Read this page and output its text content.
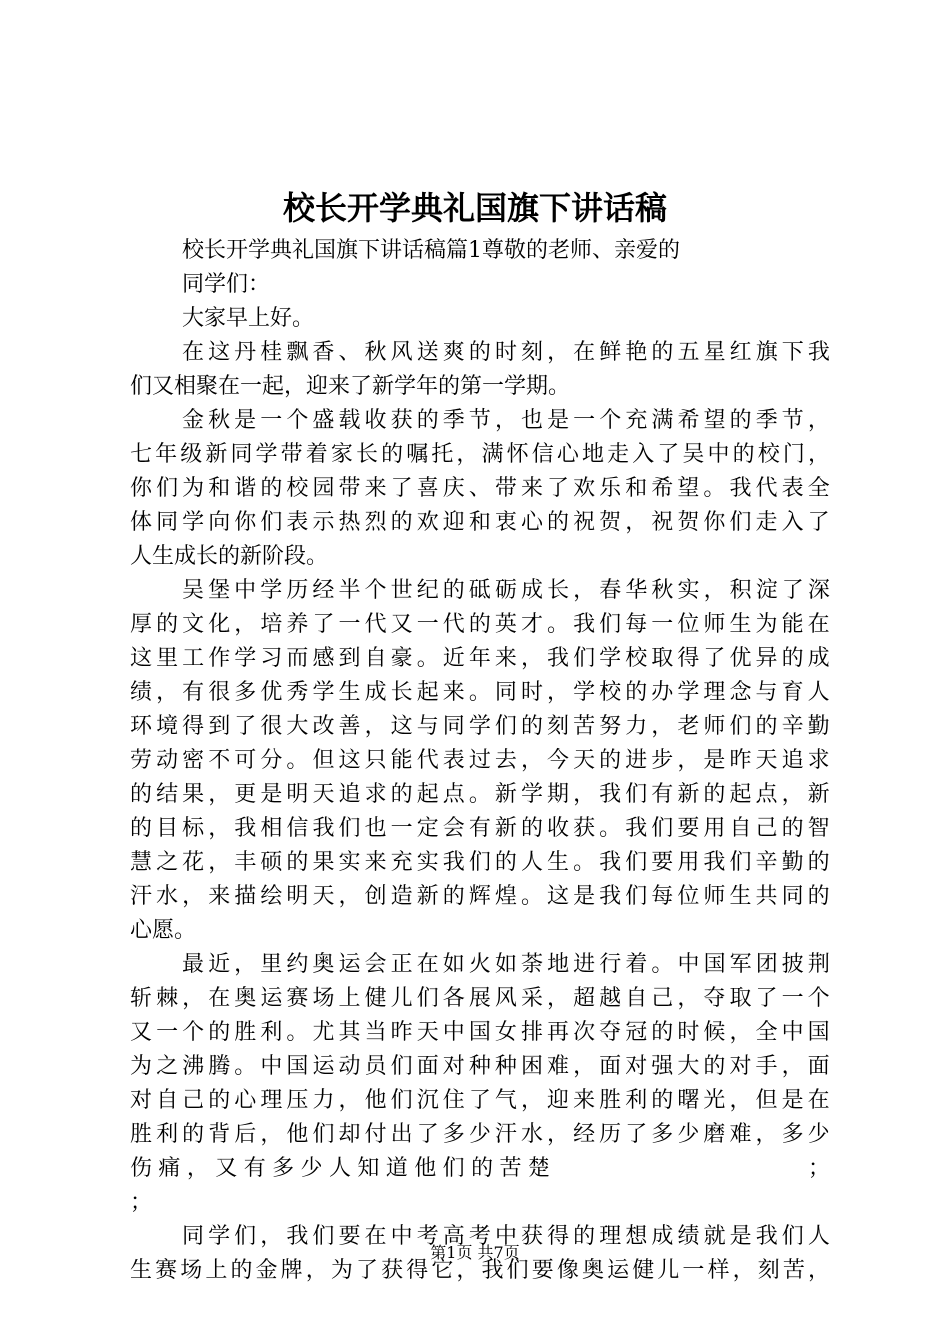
校长开学典礼国旗下讲话稿
校长开学典礼国旗下讲话稿篇1尊敬的老师、亲爱的
同学们：
大家早上好。
在 这 丹 桂 飘 香 、 秋 风 送 爽 的 时 刻 ， 在 鲜 艳 的 五 星 红 旗 下 我
们又相聚在一起，迎来了新学年的第一学期。
金 秋 是 一 个 盛 载 收 获 的 季 节 ， 也 是 一 个 充 满 希 望 的 季 节 ，
七 年 级 新 同 学 带 着 家 长 的 嘱 托 ， 满 怀 信 心 地 走 入 了 吴 中 的 校 门 ，
你 们 为 和 谐 的 校 园 带 来 了 喜 庆 、 带 来 了 欢 乐 和 希 望 。 我 代 表 全
体 同 学 向 你 们 表 示 热 烈 的 欢 迎 和 衷 心 的 祝 贺 ， 祝 贺 你 们 走 入 了
人生成长的新阶段。
吴 堡 中 学 历 经 半 个 世 纪 的 砥 砺 成 长 ， 春 华 秋 实 ， 积 淀 了 深
厚 的 文 化 ， 培 养 了 一 代 又 一 代 的 英 才 。 我 们 每 一 位 师 生 为 能 在
这 里 工 作 学 习 而 感 到 自 豪 。 近 年 来 ， 我 们 学 校 取 得 了 优 异 的 成
绩 ， 有 很 多 优 秀 学 生 成 长 起 来 。 同 时 ， 学 校 的 办 学 理 念 与 育 人
环 境 得 到 了 很 大 改 善 ， 这 与 同 学 们 的 刻 苦 努 力 ， 老 师 们 的 辛 勤
劳 动 密 不 可 分 。 但 这 只 能 代 表 过 去 ， 今 天 的 进 步 ， 是 昨 天 追 求
的 结 果 ， 更 是 明 天 追 求 的 起 点 。 新 学 期 ， 我 们 有 新 的 起 点 ， 新
的 目 标 ， 我 相 信 我 们 也 一 定 会 有 新 的 收 获 。 我 们 要 用 自 己 的 智
慧 之 花 ， 丰 硕 的 果 实 来 充 实 我 们 的 人 生 。 我 们 要 用 我 们 辛 勤 的
汗 水 ， 来 描 绘 明 天 ， 创 造 新 的 辉 煌 。 这 是 我 们 每 位 师 生 共 同 的
心愿。
最 近 ， 里 约 奥 运 会 正 在 如 火 如 荼 地 进 行 着 。 中 国 军 团 披 荆
斩 棘 ， 在 奥 运 赛 场 上 健 儿 们 各 展 风 采 ， 超 越 自 己 ， 夺 取 了 一 个
又 一 个 的 胜 利 。 尤 其 当 昨 天 中 国 女 排 再 次 夺 冠 的 时 候 ， 全 中 国
为 之 沸 腾 。 中 国 运 动 员 们 面 对 种 种 困 难 ， 面 对 强 大 的 对 手 ， 面
对 自 己 的 心 理 压 力 ， 他 们 沉 住 了 气 ， 迎 来 胜 利 的 曙 光 ， 但 是 在
胜 利 的 背 后 ， 他 们 却 付 出 了 多 少 汗 水 ， 经 历 了 多 少 磨 难 ， 多 少
伤 痛 ， 又 有 多 少 人 知 道 他 们 的 苦 楚	；
；
同 学 们 ， 我 们 要 在 中 考 高 考 中 获 得 的 理 想 成 绩 就 是 我 们 人
生 赛 场 上 的 金 牌 ， 为 了 获 得 它 ， 我 们 要 像 奥 运 健 儿 一 样 ， 刻 苦 ，
第1页 共7页
